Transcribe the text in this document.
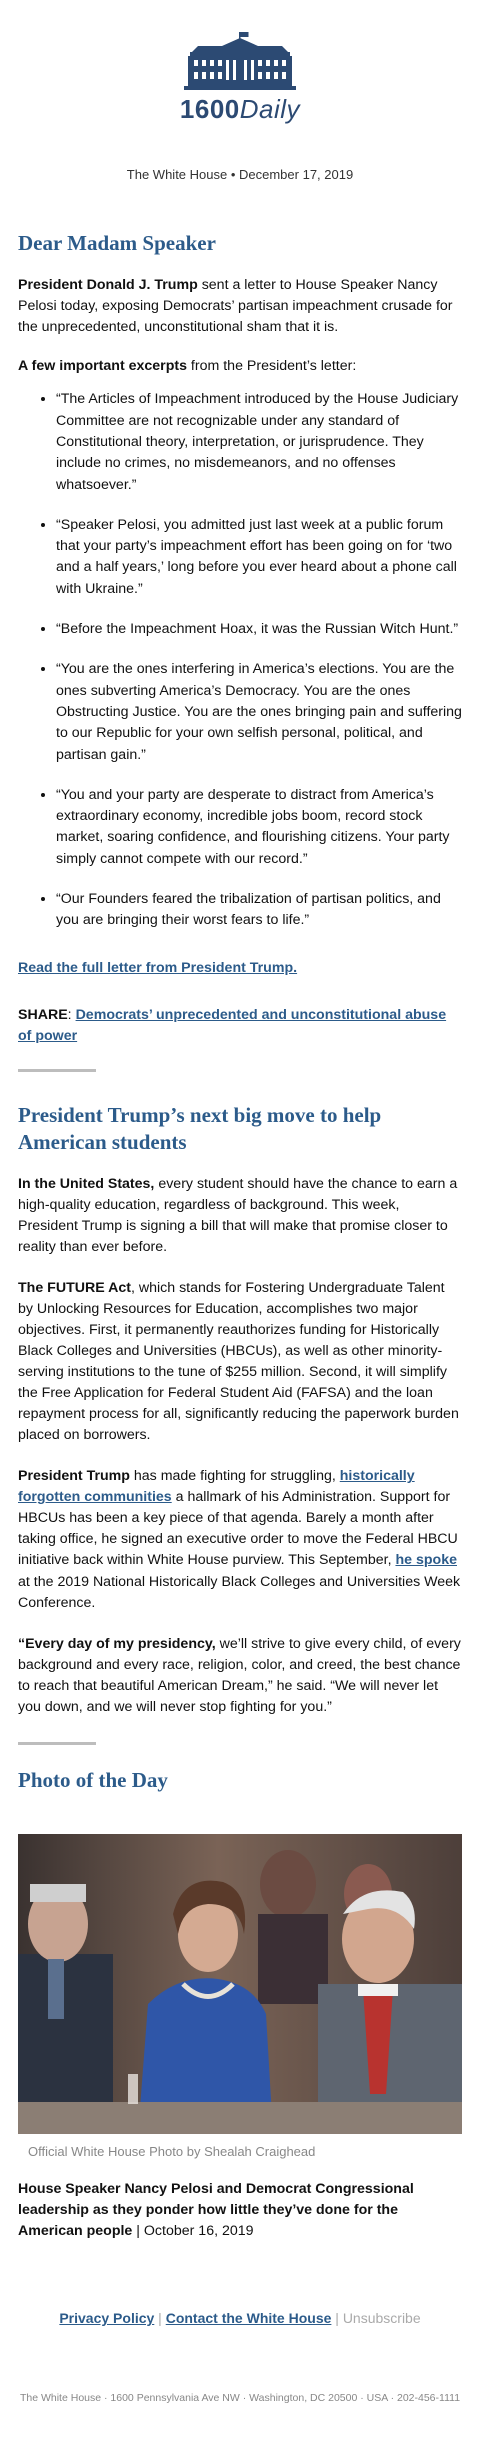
1600Daily
The White House • December 17, 2019
Dear Madam Speaker

President Donald J. Trump sent a letter to House Speaker Nancy Pelosi today, exposing Democrats’ partisan impeachment crusade for the unprecedented, unconstitutional sham that it is.

A few important excerpts from the President’s letter:

• “The Articles of Impeachment introduced by the House Judiciary Committee are not recognizable under any standard of Constitutional theory, interpretation, or jurisprudence. They include no crimes, no misdemeanors, and no offenses whatsoever.”
• “Speaker Pelosi, you admitted just last week at a public forum that your party’s impeachment effort has been going on for ‘two and a half years,’ long before you ever heard about a phone call with Ukraine.”
• “Before the Impeachment Hoax, it was the Russian Witch Hunt.”
• “You are the ones interfering in America’s elections. You are the ones subverting America’s Democracy. You are the ones Obstructing Justice. You are the ones bringing pain and suffering to our Republic for your own selfish personal, political, and partisan gain.”
• “You and your party are desperate to distract from America’s extraordinary economy, incredible jobs boom, record stock market, soaring confidence, and flourishing citizens. Your party simply cannot compete with our record.”
• “Our Founders feared the tribalization of partisan politics, and you are bringing their worst fears to life.”

Read the full letter from President Trump.

SHARE: Democrats’ unprecedented and unconstitutional abuse of power

President Trump’s next big move to help American students

In the United States, every student should have the chance to earn a high-quality education, regardless of background. This week, President Trump is signing a bill that will make that promise closer to reality than ever before.

The FUTURE Act, which stands for Fostering Undergraduate Talent by Unlocking Resources for Education, accomplishes two major objectives. First, it permanently reauthorizes funding for Historically Black Colleges and Universities (HBCUs), as well as other minority-serving institutions to the tune of $255 million. Second, it will simplify the Free Application for Federal Student Aid (FAFSA) and the loan repayment process for all, significantly reducing the paperwork burden placed on borrowers.

President Trump has made fighting for struggling, historically forgotten communities a hallmark of his Administration. Support for HBCUs has been a key piece of that agenda. Barely a month after taking office, he signed an executive order to move the Federal HBCU initiative back within White House purview. This September, he spoke at the 2019 National Historically Black Colleges and Universities Week Conference.

“Every day of my presidency, we’ll strive to give every child, of every background and every race, religion, color, and creed, the best chance to reach that beautiful American Dream,” he said. “We will never let you down, and we will never stop fighting for you.”

Photo of the Day
Official White House Photo by Shealah Craighead

House Speaker Nancy Pelosi and Democrat Congressional leadership as they ponder how little they’ve done for the American people | October 16, 2019

Privacy Policy | Contact the White House | Unsubscribe
The White House · 1600 Pennsylvania Ave NW · Washington, DC 20500 · USA · 202-456-1111
